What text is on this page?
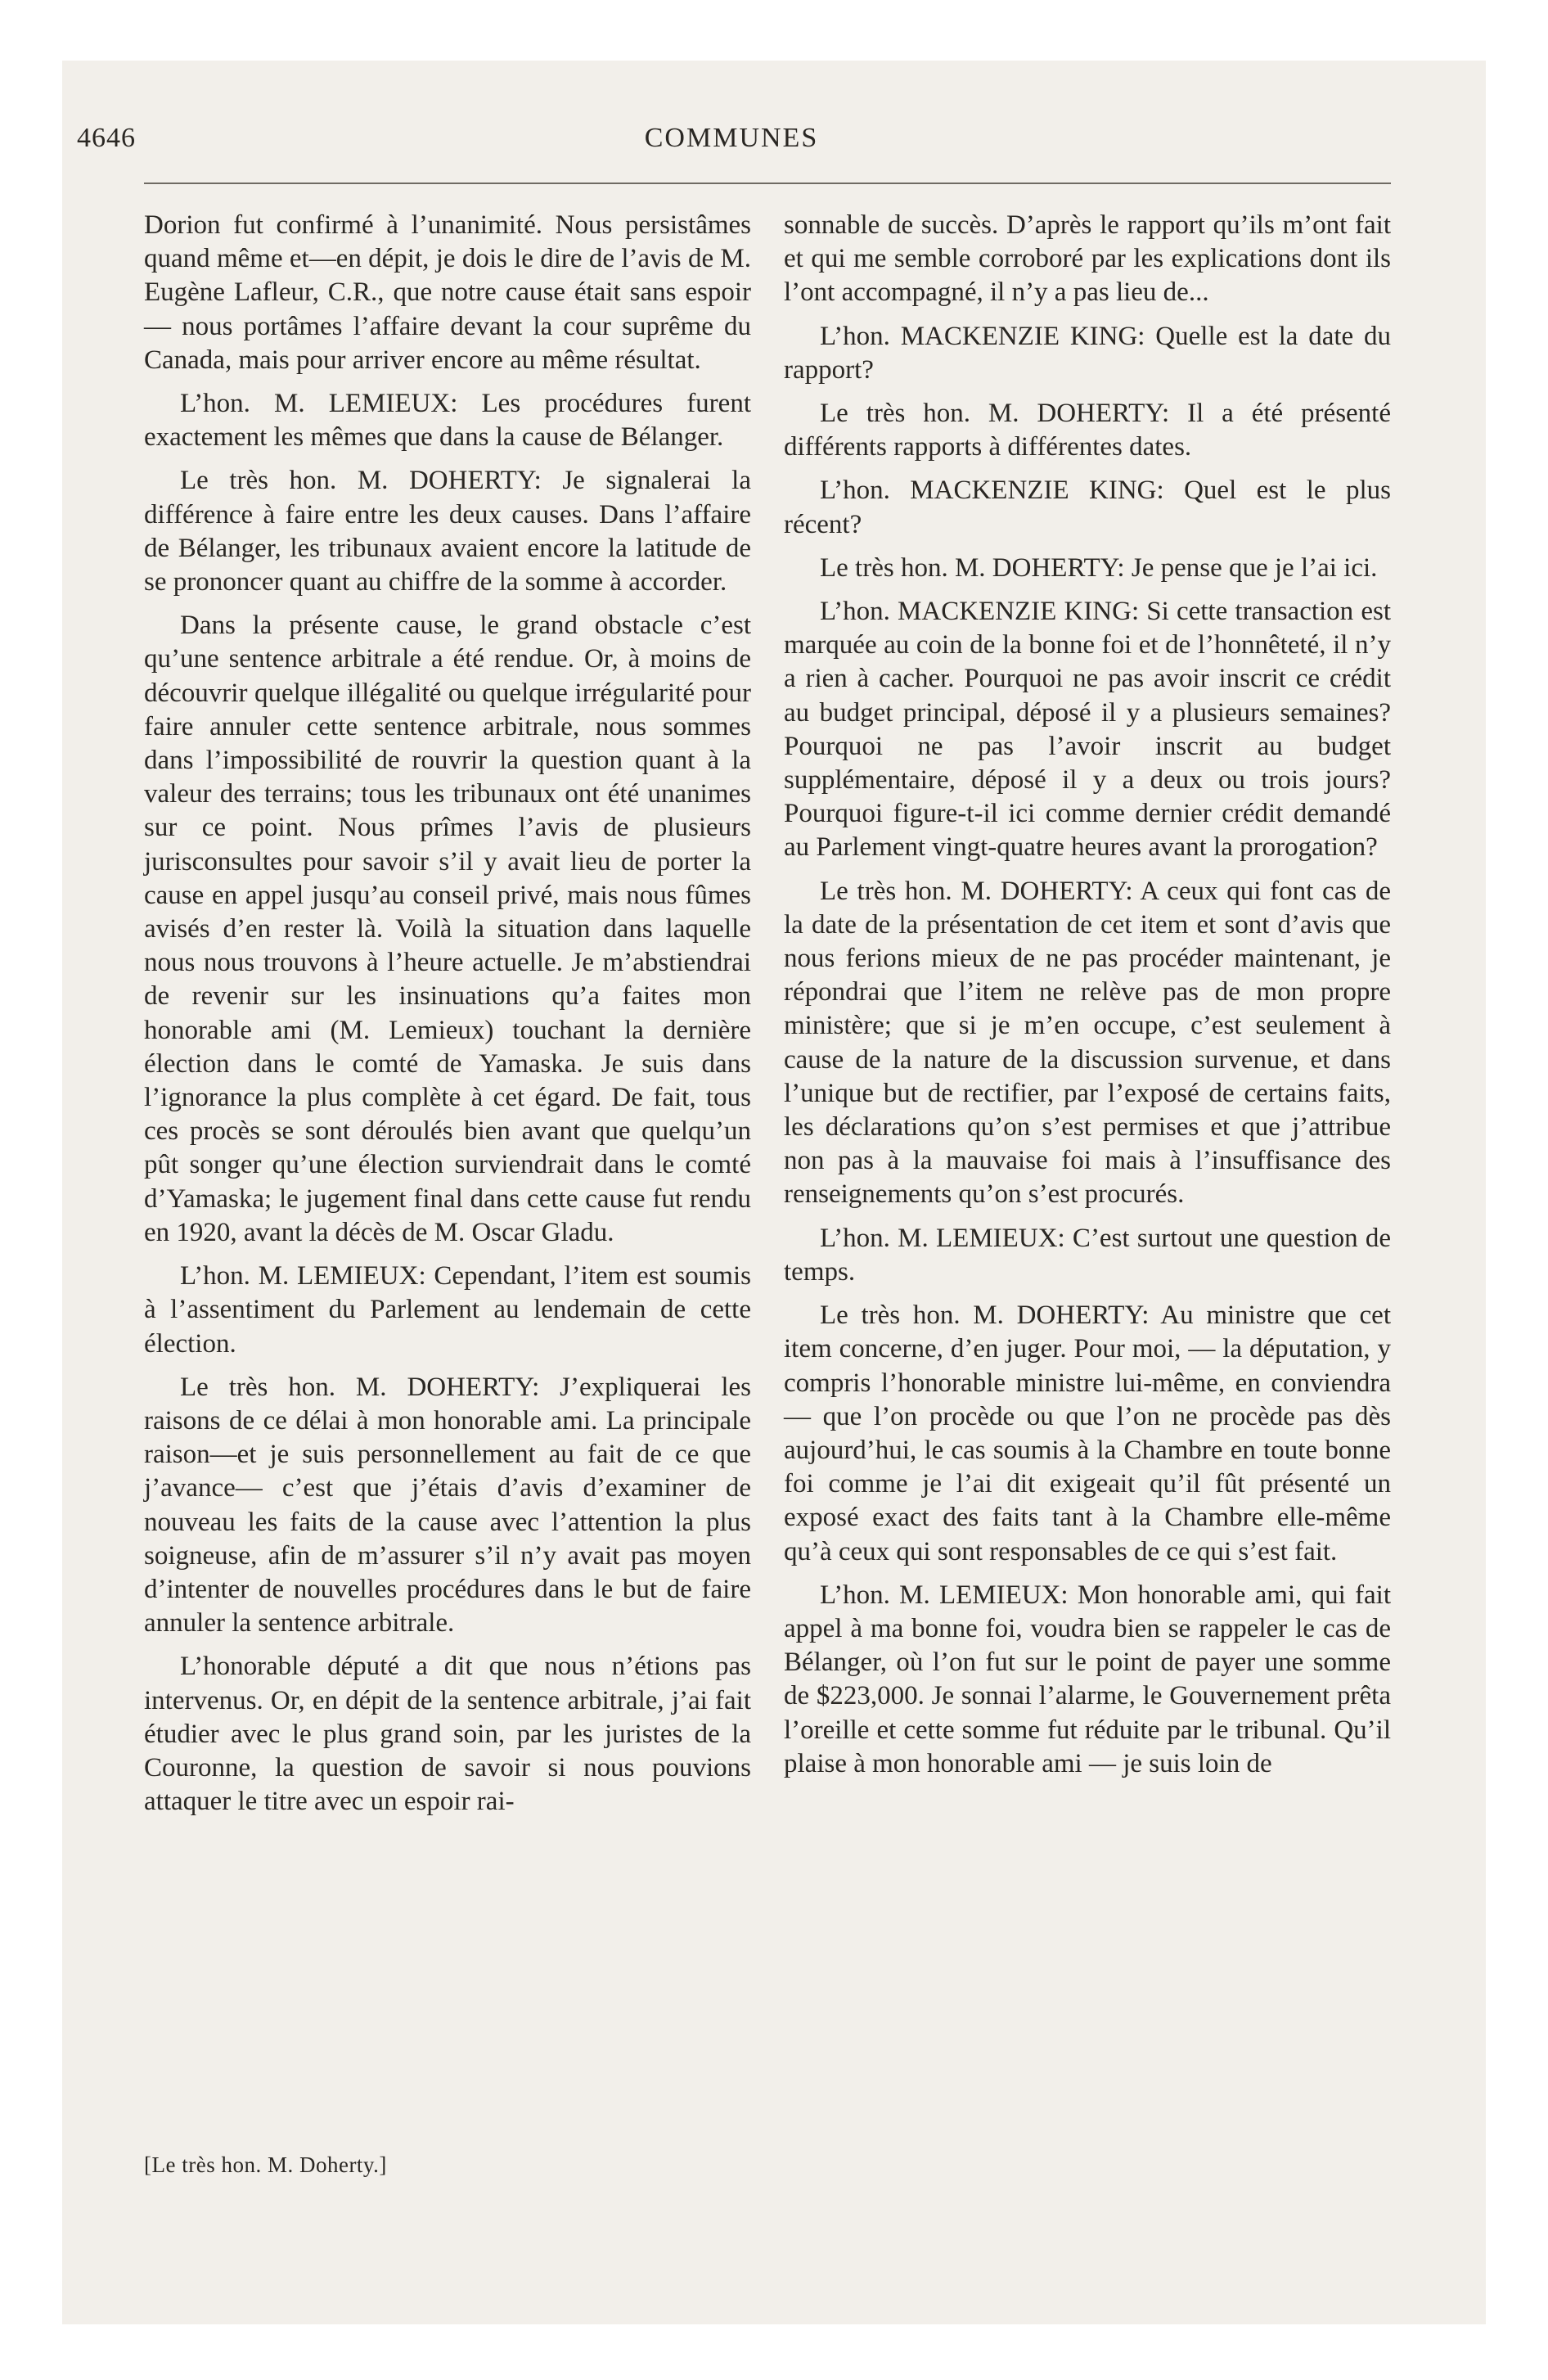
4646	COMMUNES

Dorion fut confirmé à l’unanimité. Nous persistâmes quand même et—en dépit, je dois le dire de l’avis de M. Eugène Lafleur, C.R., que notre cause était sans espoir— nous portâmes l’affaire devant la cour suprême du Canada, mais pour arriver encore au même résultat.

L’hon. M. LEMIEUX: Les procédures furent exactement les mêmes que dans la cause de Bélanger.

Le très hon. M. DOHERTY: Je signalerai la différence à faire entre les deux causes. Dans l’affaire de Bélanger, les tribunaux avaient encore la latitude de se prononcer quant au chiffre de la somme à accorder.

Dans la présente cause, le grand obstacle c’est qu’une sentence arbitrale a été rendue. Or, à moins de découvrir quelque illégalité ou quelque irrégularité pour faire annuler cette sentence arbitrale, nous sommes dans l’impossibilité de rouvrir la question quant à la valeur des terrains; tous les tribunaux ont été unanimes sur ce point. Nous prîmes l’avis de plusieurs jurisconsultes pour savoir s’il y avait lieu de porter la cause en appel jusqu’au conseil privé, mais nous fûmes avisés d’en rester là. Voilà la situation dans laquelle nous nous trouvons à l’heure actuelle. Je m’abstiendrai de revenir sur les insinuations qu’a faites mon honorable ami (M. Lemieux) touchant la dernière élection dans le comté de Yamaska. Je suis dans l’ignorance la plus complète à cet égard. De fait, tous ces procès se sont déroulés bien avant que quelqu’un pût songer qu’une élection surviendrait dans le comté d’Yamaska; le jugement final dans cette cause fut rendu en 1920, avant la décès de M. Oscar Gladu.

L’hon. M. LEMIEUX: Cependant, l’item est soumis à l’assentiment du Parlement au lendemain de cette élection.

Le très hon. M. DOHERTY: J’expliquerai les raisons de ce délai à mon honorable ami. La principale raison—et je suis personnellement au fait de ce que j’avance— c’est que j’étais d’avis d’examiner de nouveau les faits de la cause avec l’attention la plus soigneuse, afin de m’assurer s’il n’y avait pas moyen d’intenter de nouvelles procédures dans le but de faire annuler la sentence arbitrale.

L’honorable député a dit que nous n’étions pas intervenus. Or, en dépit de la sentence arbitrale, j’ai fait étudier avec le plus grand soin, par les juristes de la Couronne, la question de savoir si nous pouvions attaquer le titre avec un espoir rai-

sonnable de succès. D’après le rapport qu’ils m’ont fait et qui me semble corroboré par les explications dont ils l’ont accompagné, il n’y a pas lieu de...

L’hon. MACKENZIE KING: Quelle est la date du rapport?

Le très hon. M. DOHERTY: Il a été présenté différents rapports à différentes dates.

L’hon. MACKENZIE KING: Quel est le plus récent?

Le très hon. M. DOHERTY: Je pense que je l’ai ici.

L’hon. MACKENZIE KING: Si cette transaction est marquée au coin de la bonne foi et de l’honnêteté, il n’y a rien à cacher. Pourquoi ne pas avoir inscrit ce crédit au budget principal, déposé il y a plusieurs semaines? Pourquoi ne pas l’avoir inscrit au budget supplémentaire, déposé il y a deux ou trois jours? Pourquoi figure-t-il ici comme dernier crédit demandé au Parlement vingt-quatre heures avant la prorogation?

Le très hon. M. DOHERTY: A ceux qui font cas de la date de la présentation de cet item et sont d’avis que nous ferions mieux de ne pas procéder maintenant, je répondrai que l’item ne relève pas de mon propre ministère; que si je m’en occupe, c’est seulement à cause de la nature de la discussion survenue, et dans l’unique but de rectifier, par l’exposé de certains faits, les déclarations qu’on s’est permises et que j’attribue non pas à la mauvaise foi mais à l’insuffisance des renseignements qu’on s’est procurés.

L’hon. M. LEMIEUX: C’est surtout une question de temps.

Le très hon. M. DOHERTY: Au ministre que cet item concerne, d’en juger. Pour moi, — la députation, y compris l’honorable ministre lui-même, en conviendra— que l’on procède ou que l’on ne procède pas dès aujourd’hui, le cas soumis à la Chambre en toute bonne foi comme je l’ai dit exigeait qu’il fût présenté un exposé exact des faits tant à la Chambre elle-même qu’à ceux qui sont responsables de ce qui s’est fait.

L’hon. M. LEMIEUX: Mon honorable ami, qui fait appel à ma bonne foi, voudra bien se rappeler le cas de Bélanger, où l’on fut sur le point de payer une somme de $223,000. Je sonnai l’alarme, le Gouvernement prêta l’oreille et cette somme fut réduite par le tribunal. Qu’il plaise à mon honorable ami — je suis loin de

[Le très hon. M. Doherty.]
